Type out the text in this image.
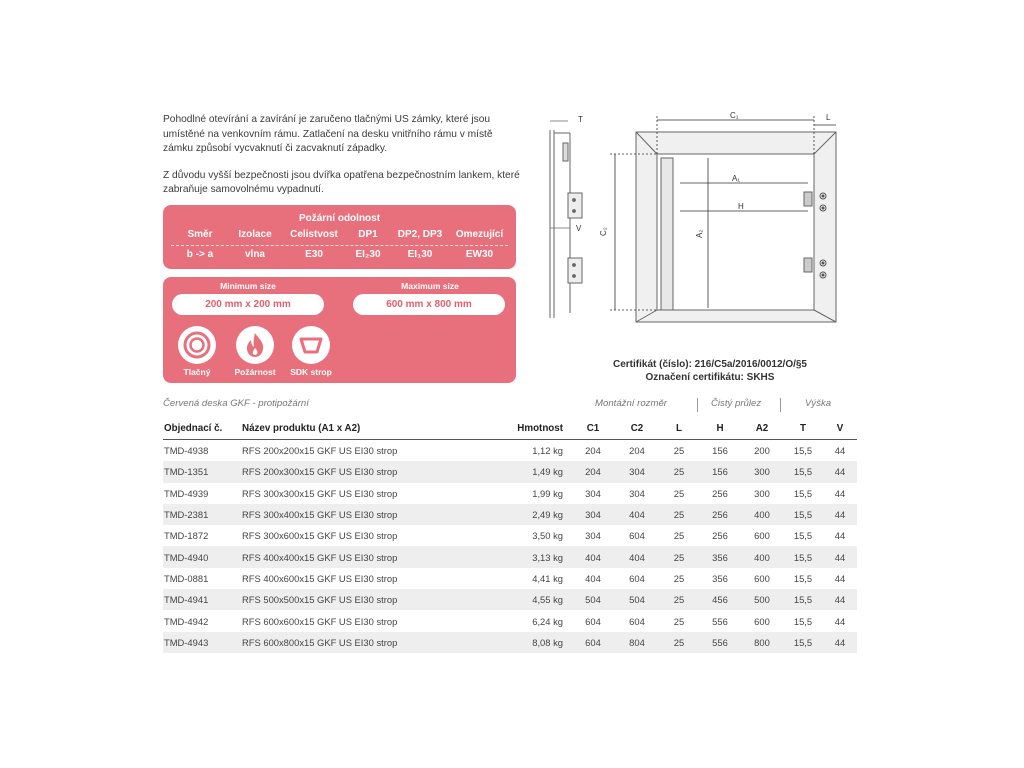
Pohodlné otevírání a zavírání je zaručeno tlačnými US zámky, které jsou umístěné na venkovním rámu. Zatlačení na desku vnitřního rámu v místě zámku způsobí vycvaknutí či zacvaknutí západky.

Z důvodu vyšší bezpečnosti jsou dvířka opatřena bezpečnostním lankem, které zabraňuje samovolnému vypadnutí.

Požární odolnost
Směr	Izolace	Celistvost	DP1	DP2, DP3	Omezující
b -> a	vlna	E30	EI₂30	EI₁30	EW30
Minimum size
200 mm x 200 mm
Maximum size
600 mm x 800 mm
Tlačný	Požárnost	SDK strop
T
V
C₁	L
A₁
H
C₂	A₂
Certifikát (číslo): 216/C5a/2016/0012/O/§5
Označení certifikátu: SKHS
Červená deska GKF - protipožární	Montážní rozměr	Čistý průlez	Výška
Objednací č.	Název produktu (A1 x A2)	Hmotnost	C1	C2	L	H	A2	T	V
TMD-4938	RFS 200x200x15 GKF US EI30 strop	1,12 kg	204	204	25	156	200	15,5	44
TMD-1351	RFS 200x300x15 GKF US EI30 strop	1,49 kg	204	304	25	156	300	15,5	44
TMD-4939	RFS 300x300x15 GKF US EI30 strop	1,99 kg	304	304	25	256	300	15,5	44
TMD-2381	RFS 300x400x15 GKF US EI30 strop	2,49 kg	304	404	25	256	400	15,5	44
TMD-1872	RFS 300x600x15 GKF US EI30 strop	3,50 kg	304	604	25	256	600	15,5	44
TMD-4940	RFS 400x400x15 GKF US EI30 strop	3,13 kg	404	404	25	356	400	15,5	44
TMD-0881	RFS 400x600x15 GKF US EI30 strop	4,41 kg	404	604	25	356	600	15,5	44
TMD-4941	RFS 500x500x15 GKF US EI30 strop	4,55 kg	504	504	25	456	500	15,5	44
TMD-4942	RFS 600x600x15 GKF US EI30 strop	6,24 kg	604	604	25	556	600	15,5	44
TMD-4943	RFS 600x800x15 GKF US EI30 strop	8,08 kg	604	804	25	556	800	15,5	44
